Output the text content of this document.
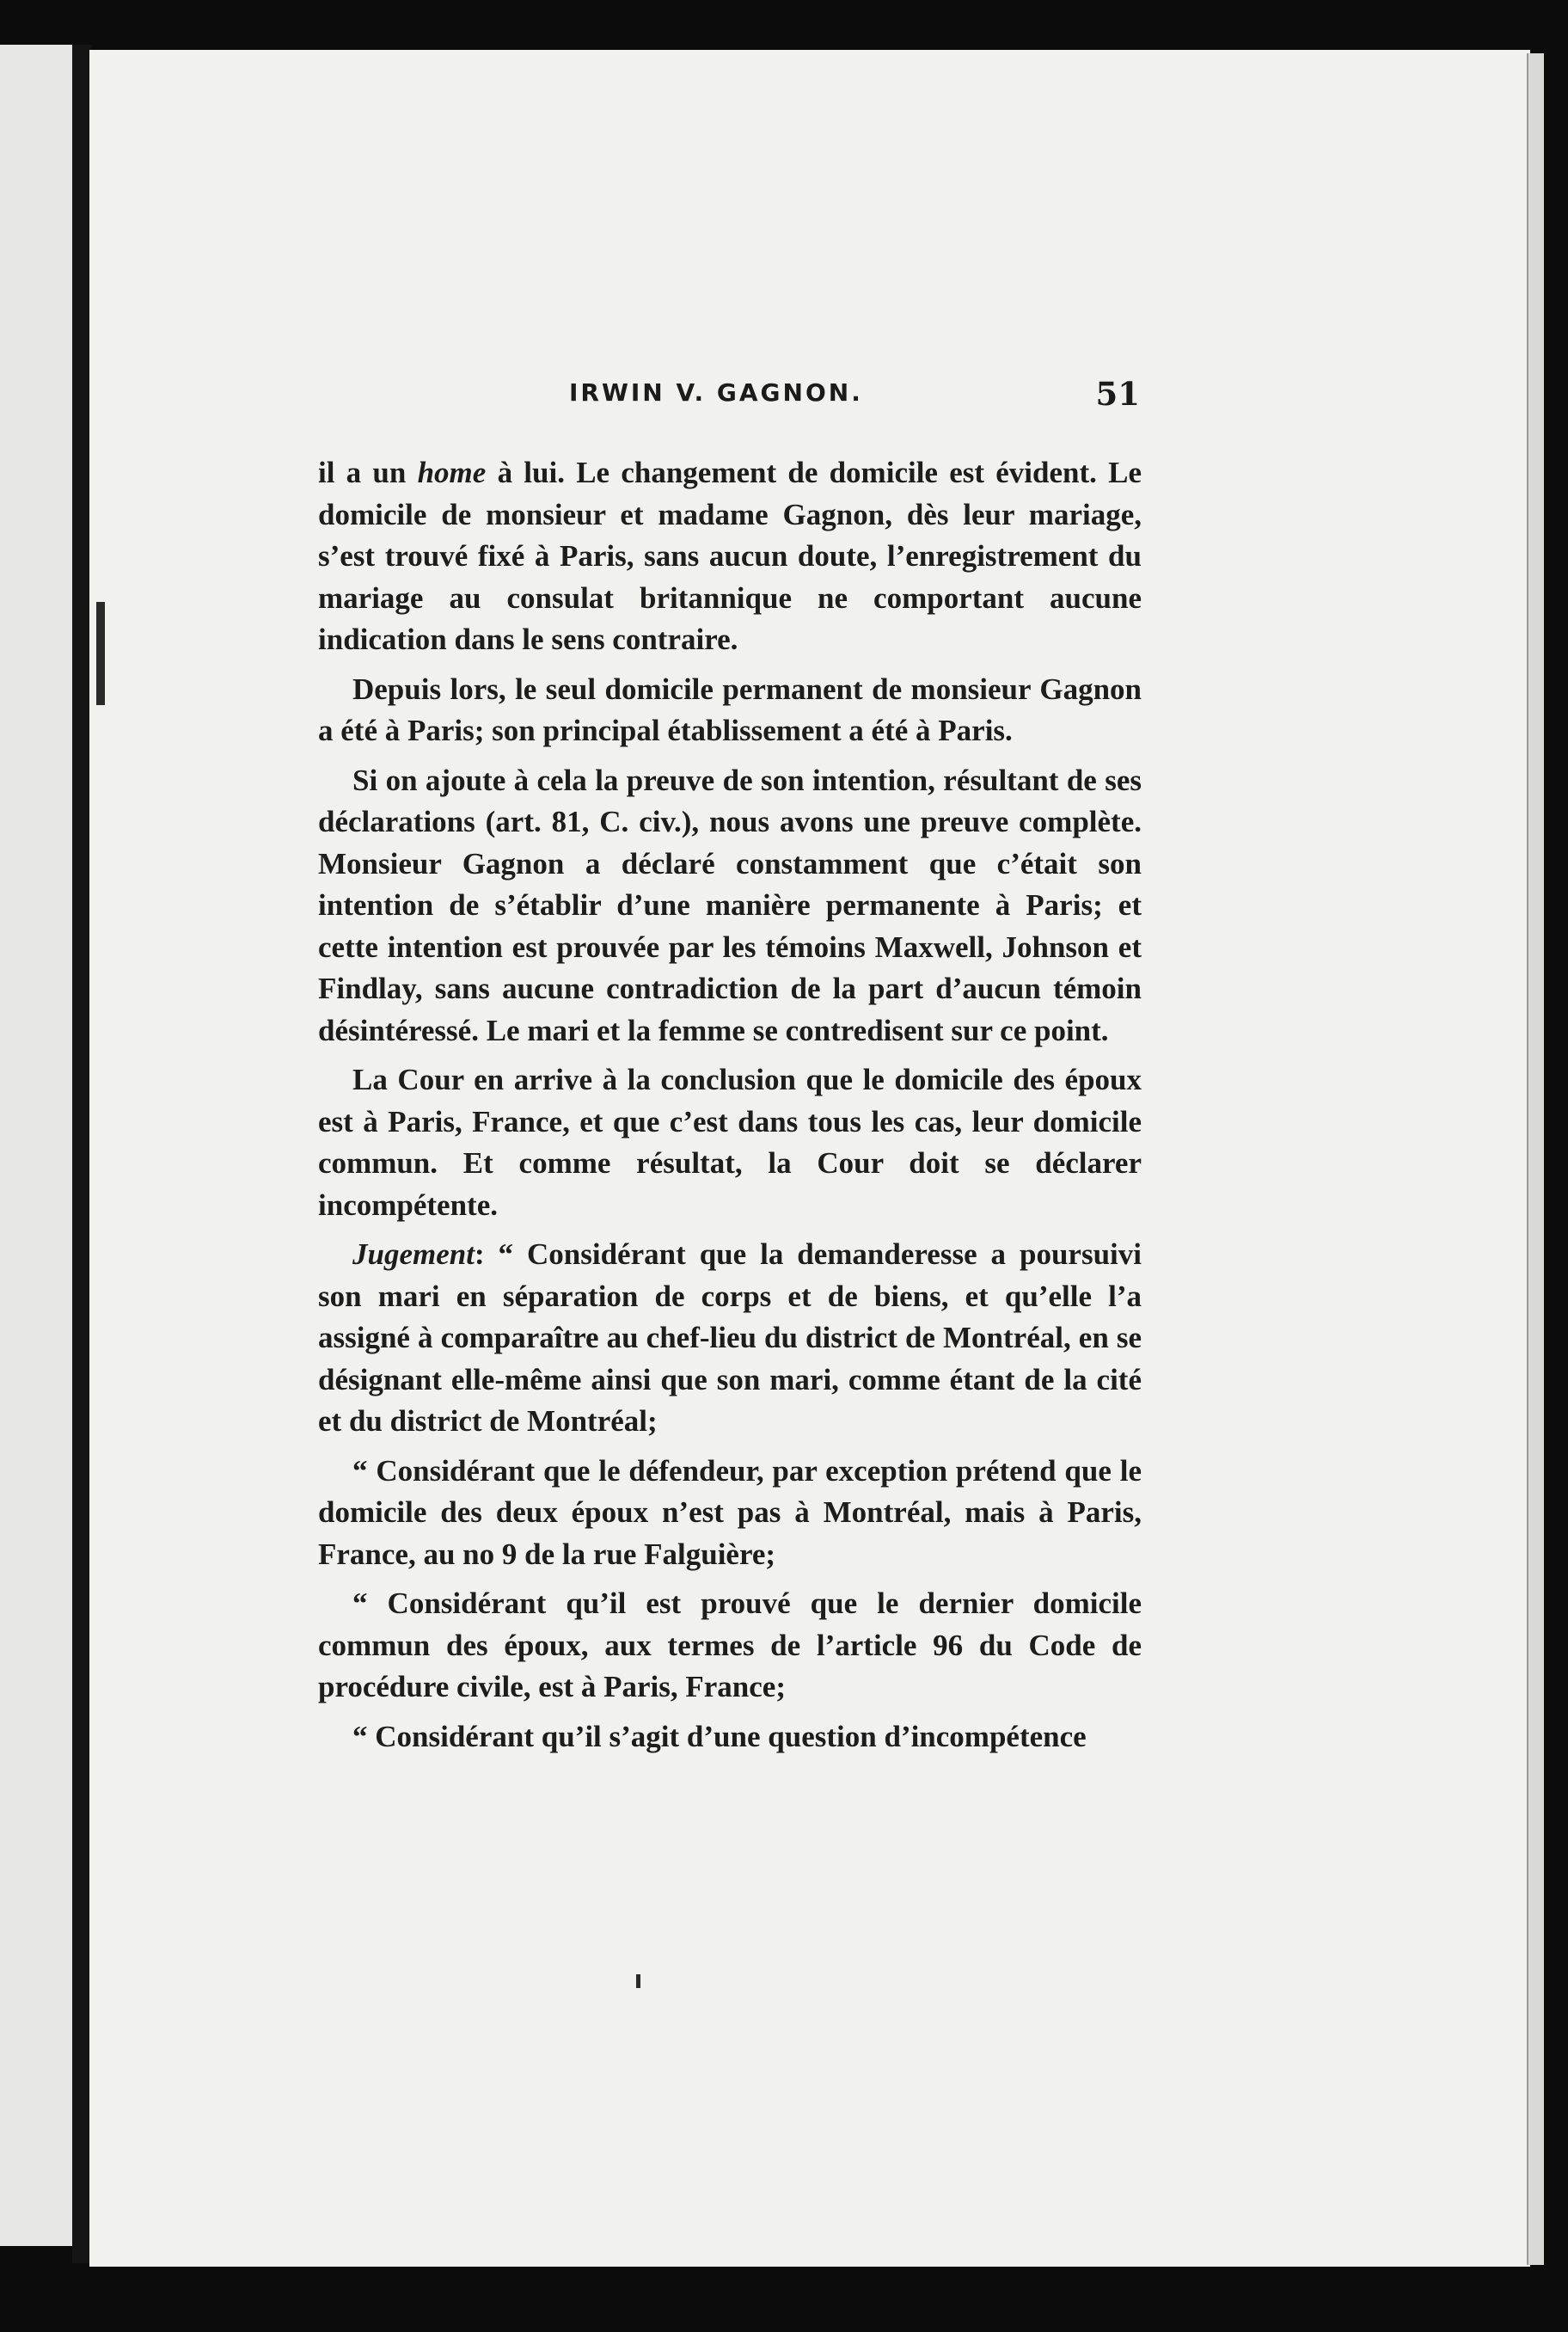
IRWIN V. GAGNON.	51

il a un home à lui. Le changement de domicile est évident. Le domicile de monsieur et madame Gagnon, dès leur mariage, s’est trouvé fixé à Paris, sans aucun doute, l’enregistrement du mariage au consulat britannique ne comportant aucune indication dans le sens contraire.

Depuis lors, le seul domicile permanent de monsieur Gagnon a été à Paris; son principal établissement a été à Paris.

Si on ajoute à cela la preuve de son intention, résultant de ses déclarations (art. 81, C. civ.), nous avons une preuve complète. Monsieur Gagnon a déclaré constamment que c’était son intention de s’établir d’une manière permanente à Paris; et cette intention est prouvée par les témoins Maxwell, Johnson et Findlay, sans aucune contradiction de la part d’aucun témoin désintéressé. Le mari et la femme se contredisent sur ce point.

La Cour en arrive à la conclusion que le domicile des époux est à Paris, France, et que c’est dans tous les cas, leur domicile commun. Et comme résultat, la Cour doit se déclarer incompétente.

Jugement: “ Considérant que la demanderesse a poursuivi son mari en séparation de corps et de biens, et qu’elle l’a assigné à comparaître au chef-lieu du district de Montréal, en se désignant elle-même ainsi que son mari, comme étant de la cité et du district de Montréal;

“ Considérant que le défendeur, par exception prétend que le domicile des deux époux n’est pas à Montréal, mais à Paris, France, au no 9 de la rue Falguière;

“ Considérant qu’il est prouvé que le dernier domicile commun des époux, aux termes de l’article 96 du Code de procédure civile, est à Paris, France;

“ Considérant qu’il s’agit d’une question d’incompétence
